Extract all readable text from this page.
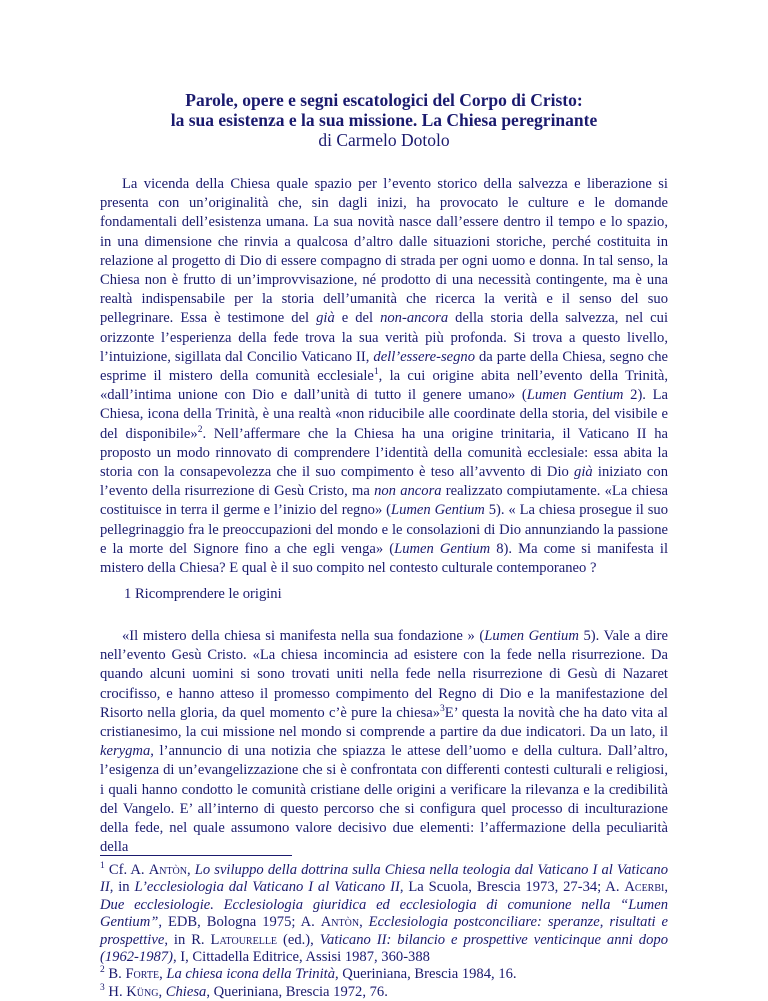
Parole, opere e segni escatologici del Corpo di Cristo:
la sua esistenza e la sua missione. La Chiesa peregrinante
di Carmelo Dotolo

La vicenda della Chiesa quale spazio per l’evento storico della salvezza e liberazione si presenta con un’originalità che, sin dagli inizi, ha provocato le culture e le domande fondamentali dell’esistenza umana. La sua novità nasce dall’essere dentro il tempo e lo spazio, in una dimensione che rinvia a qualcosa d’altro dalle situazioni storiche, perché costituita in relazione al progetto di Dio di essere compagno di strada per ogni uomo e donna. In tal senso, la Chiesa non è frutto di un’improvvisazione, né prodotto di una necessità contingente, ma è una realtà indispensabile per la storia dell’umanità che ricerca la verità e il senso del suo pellegrinare. Essa è testimone del già e del non-ancora della storia della salvezza, nel cui orizzonte l’esperienza della fede trova la sua verità più profonda. Si trova a questo livello, l’intuizione, sigillata dal Concilio Vaticano II, dell’essere-segno da parte della Chiesa, segno che esprime il mistero della comunità ecclesiale$^1$, la cui origine abita nell’evento della Trinità, «dall’intima unione con Dio e dall’unità di tutto il genere umano» (Lumen Gentium 2). La Chiesa, icona della Trinità, è una realtà «non riducibile alle coordinate della storia, del visibile e del disponibile»$^2$. Nell’affermare che la Chiesa ha una origine trinitaria, il Vaticano II ha proposto un modo rinnovato di comprendere l’identità della comunità ecclesiale: essa abita la storia con la consapevolezza che il suo compimento è teso all’avvento di Dio già iniziato con l’evento della risurrezione di Gesù Cristo, ma non ancora realizzato compiutamente. «La chiesa costituisce in terra il germe e l’inizio del regno» (Lumen Gentium 5). « La chiesa prosegue il suo pellegrinaggio fra le preoccupazioni del mondo e le consolazioni di Dio annunziando la passione e la morte del Signore fino a che egli venga» (Lumen Gentium 8). Ma come si manifesta il mistero della Chiesa? E qual è il suo compito nel contesto culturale contemporaneo ?

1 Ricomprendere le origini

«Il mistero della chiesa si manifesta nella sua fondazione » (Lumen Gentium 5). Vale a dire nell’evento Gesù Cristo. «La chiesa incomincia ad esistere con la fede nella risurrezione. Da quando alcuni uomini si sono trovati uniti nella fede nella risurrezione di Gesù di Nazaret crocifisso, e hanno atteso il promesso compimento del Regno di Dio e la manifestazione del Risorto nella gloria, da quel momento c’è pure la chiesa»$^3$E’ questa la novità che ha dato vita al cristianesimo, la cui missione nel mondo si comprende a partire da due indicatori. Da un lato, il kerygma, l’annuncio di una notizia che spiazza le attese dell’uomo e della cultura. Dall’altro, l’esigenza di un’evangelizzazione che si è confrontata con differenti contesti culturali e religiosi, i quali hanno condotto le comunità cristiane delle origini a verificare la rilevanza e la credibilità del Vangelo. E’ all’interno di questo percorso che si configura quel processo di inculturazione della fede, nel quale assumono valore decisivo due elementi: l’affermazione della peculiarità della

$^1$ Cf. A. Antòn, Lo sviluppo della dottrina sulla Chiesa nella teologia dal Vaticano I al Vaticano II, in L’ecclesiologia dal Vaticano I al Vaticano II, La Scuola, Brescia 1973, 27-34; A. Acerbi, Due ecclesiologie. Ecclesiologia giuridica ed ecclesiologia di comunione nella “Lumen Gentium”, EDB, Bologna 1975; A. Antòn, Ecclesiologia postconciliare: speranze, risultati e prospettive, in R. Latourelle (ed.), Vaticano II: bilancio e prospettive venticinque anni dopo (1962-1987), I, Cittadella Editrice, Assisi 1987, 360-388

$^2$ B. Forte, La chiesa icona della Trinità, Queriniana, Brescia 1984, 16.

$^3$ H. Küng, Chiesa, Queriniana, Brescia 1972, 76.
